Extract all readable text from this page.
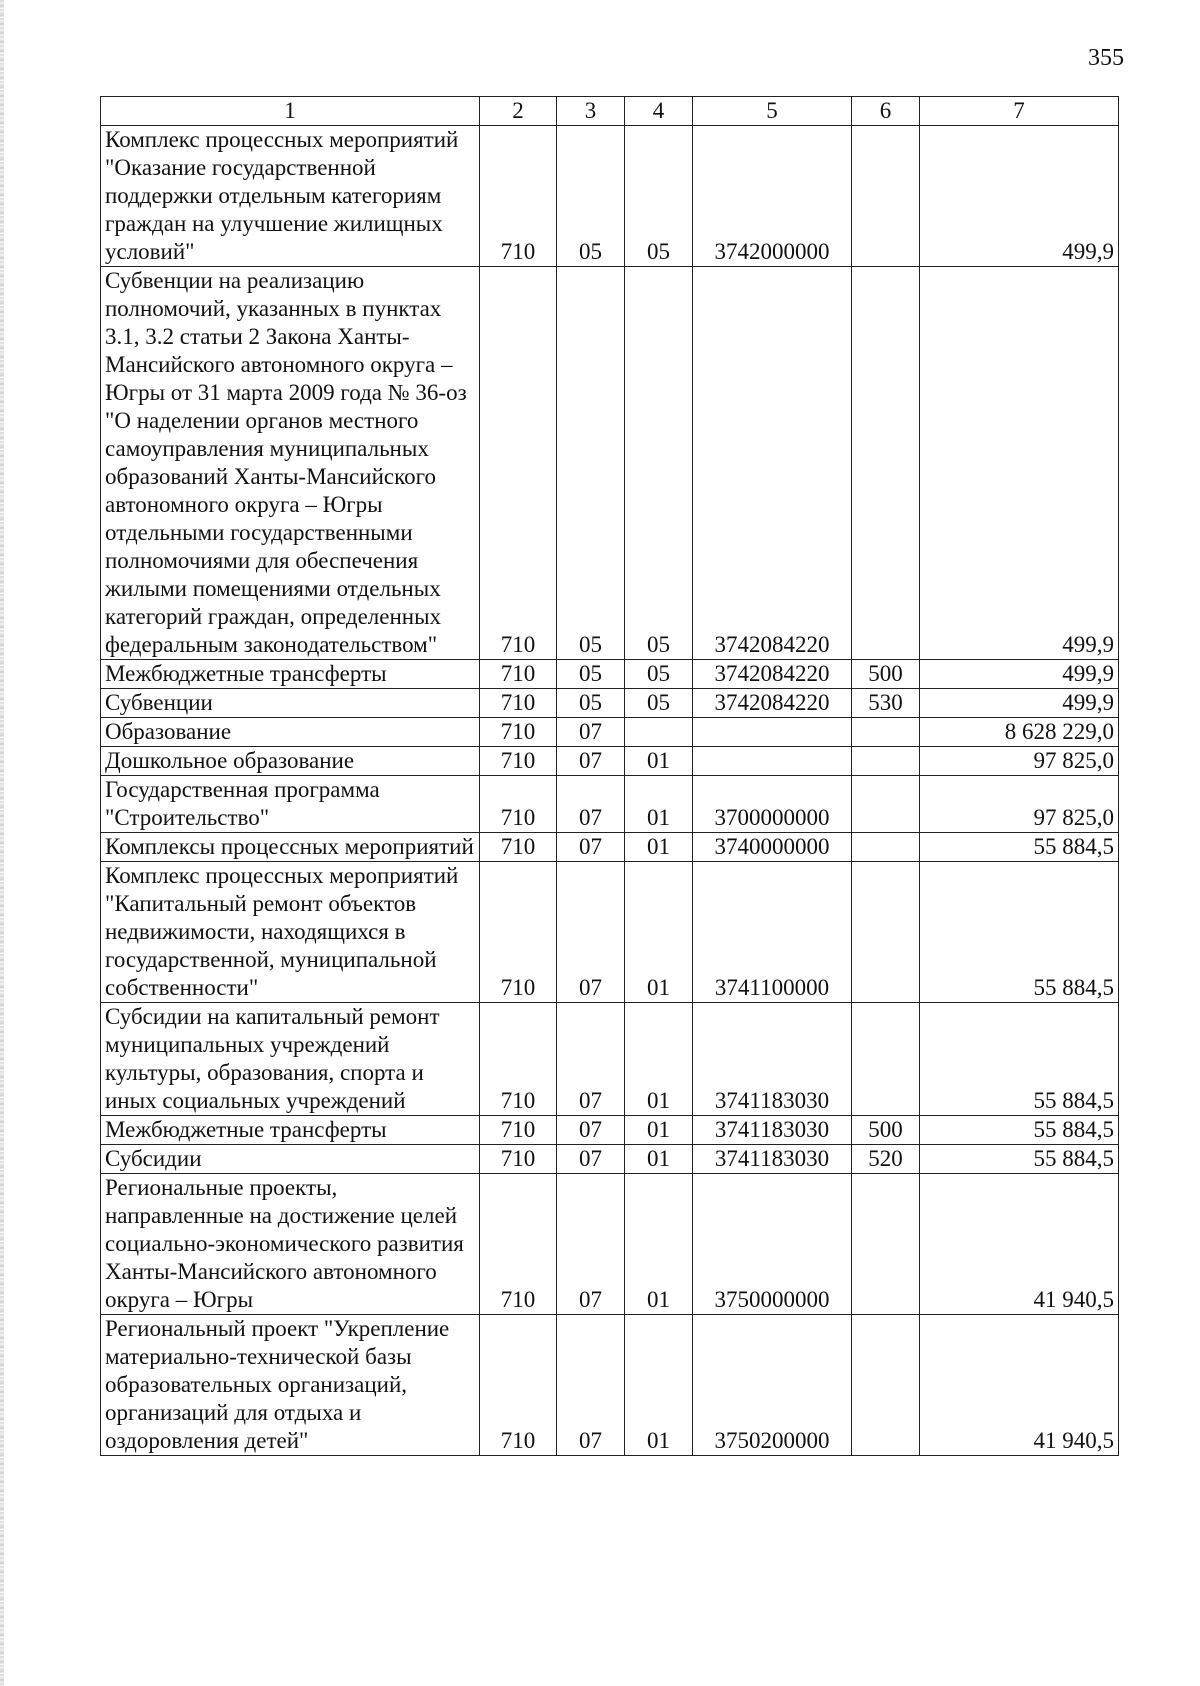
355
1	2	3	4	5	6	7
Комплекс процессных мероприятий "Оказание государственной поддержки отдельным категориям граждан на улучшение жилищных условий"	710	05	05	3742000000		499,9
Субвенции на реализацию полномочий, указанных в пунктах 3.1, 3.2 статьи 2 Закона Ханты-Мансийского автономного округа – Югры от 31 марта 2009 года № 36-оз "О наделении органов местного самоуправления муниципальных образований Ханты-Мансийского автономного округа – Югры отдельными государственными полномочиями для обеспечения жилыми помещениями отдельных категорий граждан, определенных федеральным законодательством"	710	05	05	3742084220		499,9
Межбюджетные трансферты	710	05	05	3742084220	500	499,9
Субвенции	710	05	05	3742084220	530	499,9
Образование	710	07				8 628 229,0
Дошкольное образование	710	07	01			97 825,0
Государственная программа "Строительство"	710	07	01	3700000000		97 825,0
Комплексы процессных мероприятий	710	07	01	3740000000		55 884,5
Комплекс процессных мероприятий "Капитальный ремонт объектов недвижимости, находящихся в государственной, муниципальной собственности"	710	07	01	3741100000		55 884,5
Субсидии на капитальный ремонт муниципальных учреждений культуры, образования, спорта и иных социальных учреждений	710	07	01	3741183030		55 884,5
Межбюджетные трансферты	710	07	01	3741183030	500	55 884,5
Субсидии	710	07	01	3741183030	520	55 884,5
Региональные проекты, направленные на достижение целей социально-экономического развития Ханты-Мансийского автономного округа – Югры	710	07	01	3750000000		41 940,5
Региональный проект "Укрепление материально-технической базы образовательных организаций, организаций для отдыха и оздоровления детей"	710	07	01	3750200000		41 940,5
